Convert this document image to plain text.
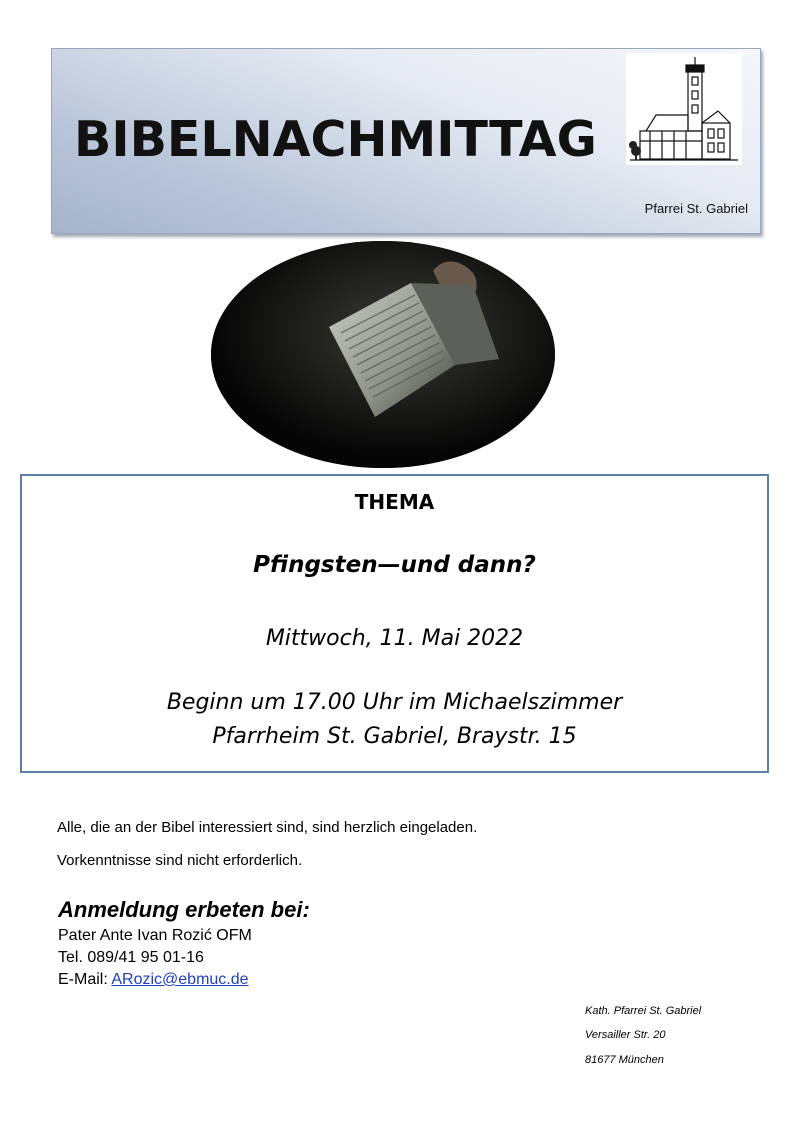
BIBELNACHMITTAG
Pfarrei St. Gabriel
THEMA
Pfingsten—und dann?
Mittwoch, 11. Mai 2022
Beginn um 17.00 Uhr im Michaelszimmer
Pfarrheim St. Gabriel, Braystr. 15
Alle, die an der Bibel interessiert sind, sind herzlich eingeladen.
Vorkenntnisse sind nicht erforderlich.
Anmeldung erbeten bei:
Pater Ante Ivan Rozić OFM
Tel. 089/41 95 01-16
E-Mail: ARozic@ebmuc.de
Kath. Pfarrei St. Gabriel
Versailler Str. 20
81677 München
